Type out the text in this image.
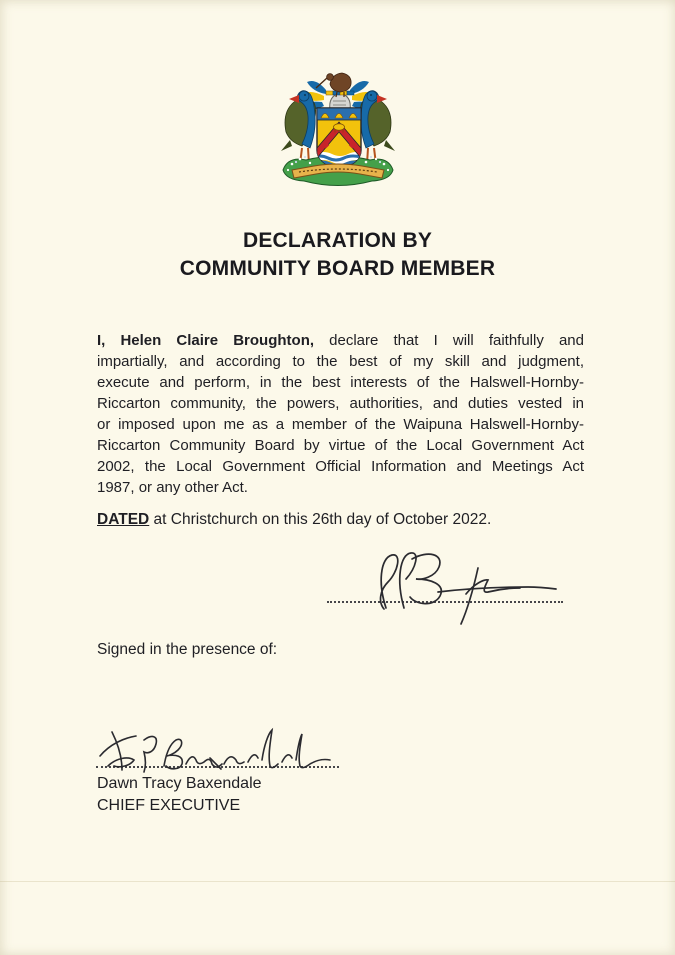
DECLARATION BY
COMMUNITY BOARD MEMBER
I, Helen Claire Broughton, declare that I will faithfully and
impartially, and according to the best of my skill and judgment,
execute and perform, in the best interests of the Halswell-Hornby-
Riccarton community, the powers, authorities, and duties vested in
or imposed upon me as a member of the Waipuna Halswell-Hornby-
Riccarton Community Board by virtue of the Local Government Act
2002, the Local Government Official Information and Meetings Act
1987, or any other Act.
DATED at Christchurch on this 26th day of October 2022.
Signed in the presence of:
Dawn Tracy Baxendale
CHIEF EXECUTIVE
